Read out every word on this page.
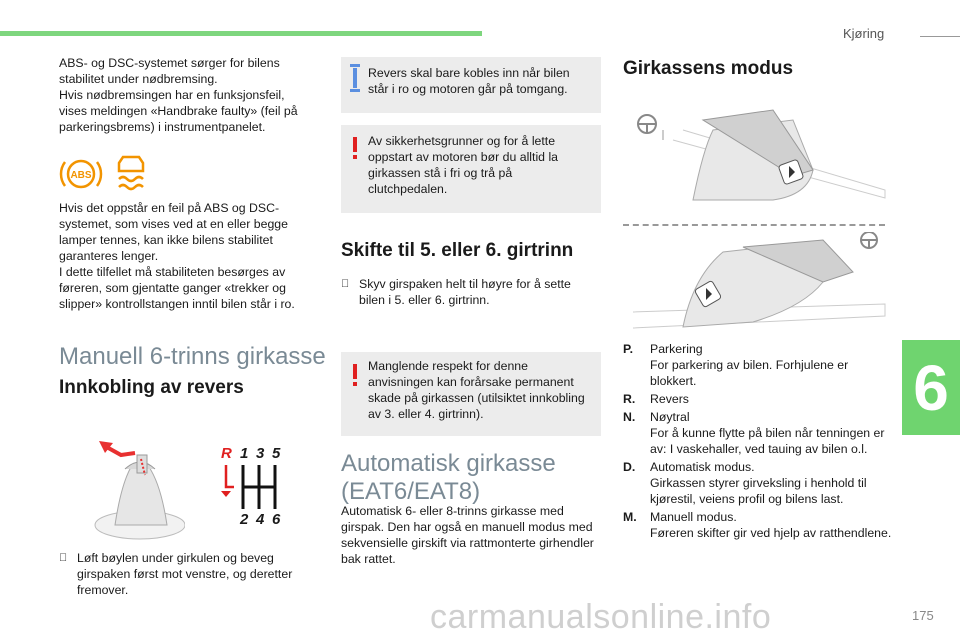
Kjøring
6
175
carmanualsonline.info

ABS- og DSC-systemet sørger for bilens stabilitet under nødbremsing.

Hvis nødbremsingen har en funksjonsfeil, vises meldingen «Handbrake faulty» (feil på parkeringsbrems) i instrumentpanelet.

ABS

Hvis det oppstår en feil på ABS og DSC-systemet, som vises ved at en eller begge lamper tennes, kan ikke bilens stabilitet garanteres lenger.

I dette tilfellet må stabiliteten besørges av føreren, som gjentatte ganger «trekker og slipper» kontrollstangen inntil bilen står i ro.

Manuell 6-trinns girkasse
Innkobling av revers
R 1 3 5
2 4 6
Løft bøylen under girkulen og beveg girspaken først mot venstre, og deretter fremover.
Revers skal bare kobles inn når bilen står i ro og motoren går på tomgang.
Av sikkerhetsgrunner og for å lette oppstart av motoren bør du alltid la girkassen stå i fri og trå på clutchpedalen.
Skifte til 5. eller 6. girtrinn
Skyv girspaken helt til høyre for å sette bilen i 5. eller 6. girtrinn.
Manglende respekt for denne anvisningen kan forårsake permanent skade på girkassen (utilsiktet innkobling av 3. eller 4. girtrinn).
Automatisk girkasse
(EAT6/EAT8)
Automatisk 6- eller 8-trinns girkasse med girspak. Den har også en manuell modus med sekvensielle girskift via rattmonterte girhendler bak rattet.
Girkassens modus
P.	Parkering
For parkering av bilen. Forhjulene er blokkert.
R.	Revers
N.	Nøytral
For å kunne flytte på bilen når tenningen er av: I vaskehaller, ved tauing av bilen o.l.
D.	Automatisk modus.
Girkassen styrer girveksling i henhold til kjørestil, veiens profil og bilens last.
M.	Manuell modus.
Føreren skifter gir ved hjelp av ratthendlene.
